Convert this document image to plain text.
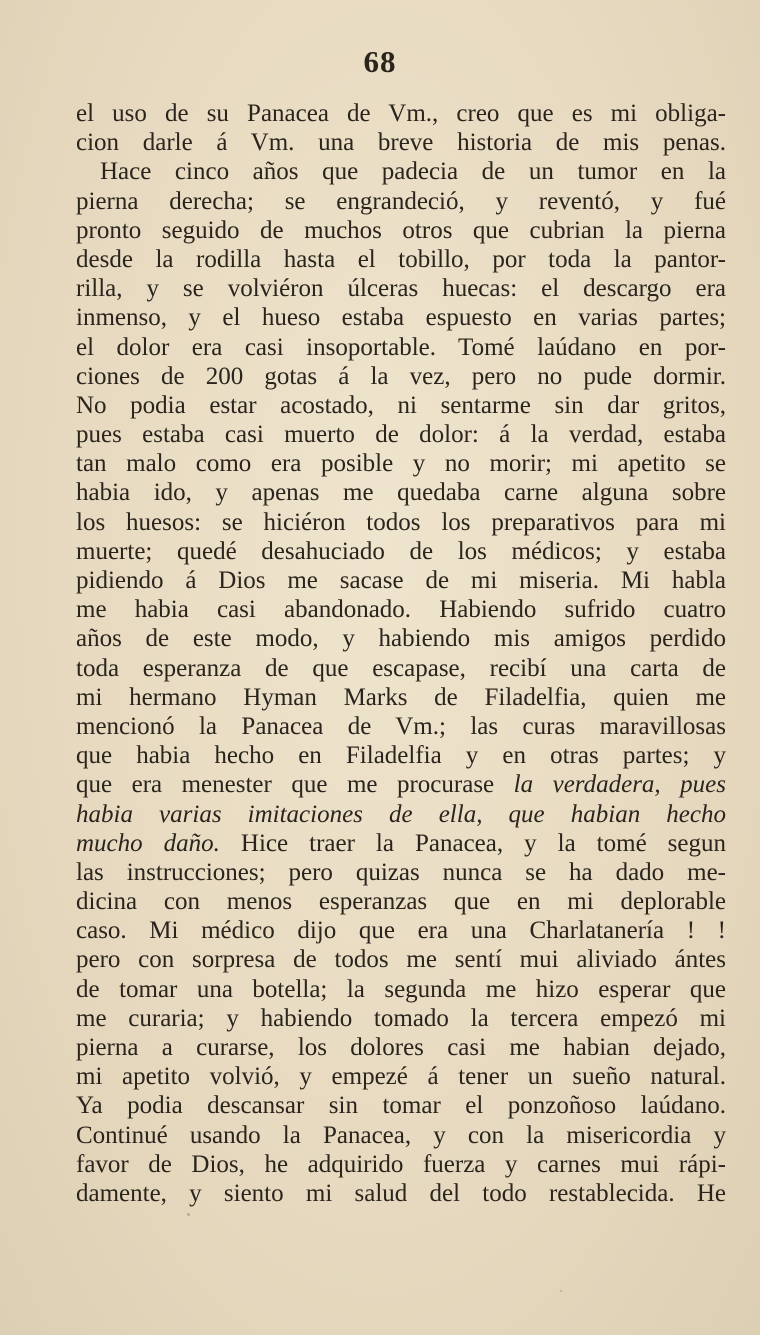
68
el uso de su Panacea de Vm., creo que es mi obliga-
cion darle á Vm. una breve historia de mis penas.
Hace cinco años que padecia de un tumor en la
pierna derecha; se engrandeció, y reventó, y fué
pronto seguido de muchos otros que cubrian la pierna
desde la rodilla hasta el tobillo, por toda la pantor-
rilla, y se volviéron úlceras huecas: el descargo era
inmenso, y el hueso estaba espuesto en varias partes;
el dolor era casi insoportable. Tomé laúdano en por-
ciones de 200 gotas á la vez, pero no pude dormir.
No podia estar acostado, ni sentarme sin dar gritos,
pues estaba casi muerto de dolor: á la verdad, estaba
tan malo como era posible y no morir; mi apetito se
habia ido, y apenas me quedaba carne alguna sobre
los huesos: se hiciéron todos los preparativos para mi
muerte; quedé desahuciado de los médicos; y estaba
pidiendo á Dios me sacase de mi miseria. Mi habla
me habia casi abandonado. Habiendo sufrido cuatro
años de este modo, y habiendo mis amigos perdido
toda esperanza de que escapase, recibí una carta de
mi hermano Hyman Marks de Filadelfia, quien me
mencionó la Panacea de Vm.; las curas maravillosas
que habia hecho en Filadelfia y en otras partes; y
que era menester que me procurase la verdadera, pues
habia varias imitaciones de ella, que habian hecho
mucho daño. Hice traer la Panacea, y la tomé segun
las instrucciones; pero quizas nunca se ha dado me-
dicina con menos esperanzas que en mi deplorable
caso. Mi médico dijo que era una Charlatanería ! !
pero con sorpresa de todos me sentí mui aliviado ántes
de tomar una botella; la segunda me hizo esperar que
me curaria; y habiendo tomado la tercera empezó mi
pierna a curarse, los dolores casi me habian dejado,
mi apetito volvió, y empezé á tener un sueño natural.
Ya podia descansar sin tomar el ponzoñoso laúdano.
Continué usando la Panacea, y con la misericordia y
favor de Dios, he adquirido fuerza y carnes mui rápi-
damente, y siento mi salud del todo restablecida. He
